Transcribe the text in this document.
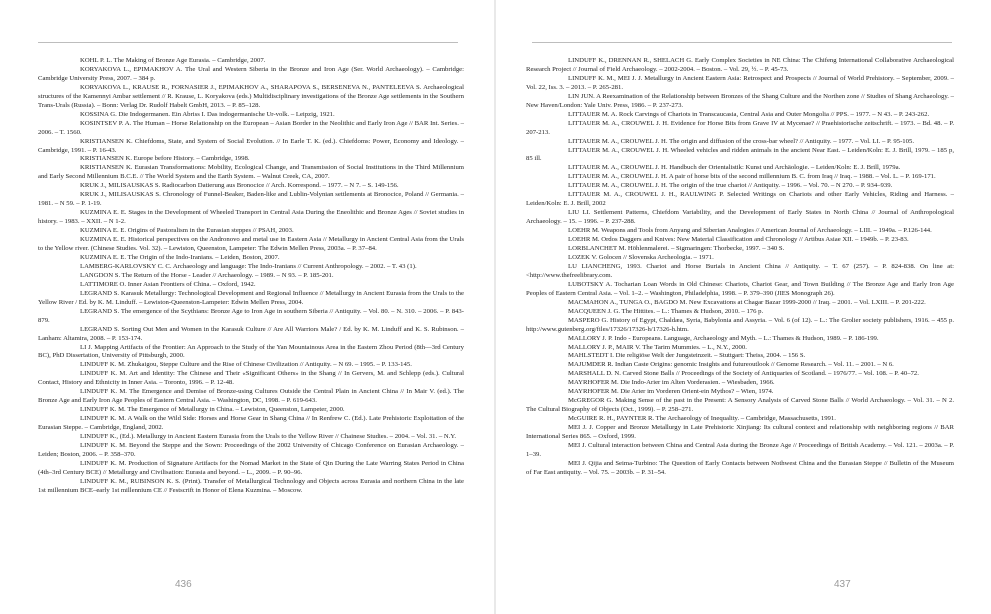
KOHL P. L. The Making of Bronze Age Eurasia. – Cambridge, 2007.

KORYAKOVA L., EPIMAKHOV A. The Ural and Western Siberia in the Bronze and Iron Age (Ser. World Archaeology). – Cambridge: Cambridge University Press, 2007. – 384 p.

KORYAKOVA L., KRAUSE R., FORNASIER J., EPIMAKHOV A., SHARAPOVA S., BERSENEVA N., PANTELEEVA S. Archaeological structures of the Kamennyi Ambar settlement // R. Krause, L. Koryakova (eds.) Multidisciplinary investigations of the Bronze Age settlements in the Southern Trans-Urals (Russia). – Bonn: Verlag Dr. Rudolf Habelt GmbH, 2013. – P. 85–128.

KOSSINA G. Die Indogermanen. Ein Abriss I. Das indogermanische Ur-volk. – Leipzig, 1921.

KOSINTSEV P. A. The Human – Horse Relationship on the European – Asian Border in the Neolithic and Early Iron Age // BAR Int. Series. – 2006. – T. 1560.

KRISTIANSEN K. Chiefdoms, State, and System of Social Evolution. // In Earle T. K. (ed.). Chiefdoms: Power, Economy and Ideology. – Cambridge, 1991. – P. 16-43.

KRISTIANSEN K. Europe before History. – Cambridge, 1998.

KRISTIANSEN K. Eurasian Transformations: Mobility, Ecological Change, and Transmission of Social Institutions in the Third Millennium and Early Second Millennium B.C.E. // The World System and the Earth System. – Walnut Creek, CA, 2007.

KRUK J., MILISAUSKAS S. Radiocarbon Datierung aus Bronocice // Arch. Korrespond. – 1977. – N 7. – S. 149-156.

KRUK J., MILISAUSKAS S. Chronology of Funnel-Beaker, Baden-like and Lublin-Volynian settlements at Bronocice, Poland // Germania. – 1981. – N 59. – P. 1-19.

KUZMINA E. E. Stages in the Development of Wheeled Transport in Central Asia During the Eneolithic and Bronze Ages // Soviet studies in history. – 1983. – XXII. – N 1-2.

KUZMINA E. E. Origins of Pastoralism in the Eurasian steppes // PSAH, 2003.

KUZMINA E. E. Historical perspectives on the Andronovo and metal use in Eastern Asia // Metallurgy in Ancient Central Asia from the Urals to the Yellow river. (Chinese Studies. Vol. 32). – Lewiston, Queenston, Lampeter: The Edwin Mellen Press, 2003a. – P. 37–84.

KUZMINA E. E. The Origin of the Indo-Iranians. – Leiden, Boston, 2007.

LAMBERG-KARLOVSKY C. C. Archaeology and language: The Indo-Iranians // Current Anthropology. – 2002. – T. 43 (1).

LANGDON S. The Return of the Horse - Leader // Archaeology. – 1989. – N 93. – P. 185-201.

LATTIMORE O. Inner Asian Frontiers of China. – Oxford, 1942.

LEGRAND S. Karasuk Metallurgy: Technological Development and Regional Influence // Metallurgy in Ancient Eurasia from the Urals to the Yellow River / Ed. by K. M. Linduff. – Lewiston-Queenston-Lampeter: Edwin Mellen Press, 2004.

LEGRAND S. The emergence of the Scythians: Bronze Age to Iron Age in southern Siberia // Antiquity. – Vol. 80. – N. 310. – 2006. – P. 843-879.

LEGRAND S. Sorting Out Men and Women in the Karasuk Culture // Are All Warriors Male? / Ed. by K. M. Linduff and K. S. Rubinson. – Lanham: Altamira, 2008. – P. 153-174.

LI J. Mapping Artifacts of the Frontier: An Approach to the Study of the Yan Mountainous Area in the Eastern Zhou Period (8th—3rd Century BC), PhD Dissertation, University of Pittsburgh, 2000.

LINDUFF K. M. Zhukaigou, Steppe Culture and the Rise of Chinese Civilization // Antiquity. – N 69. – 1995. – P. 133-145.

LINDUFF K. M. Art and Identity: The Chinese and Their «Significant Others» in the Shang // In Gervers, M. and Schlepp (eds.). Cultural Contact, History and Ethnicity in Inner Asia. – Toronto, 1996. – P. 12-48.

LINDUFF K. M. The Emergence and Demise of Bronze-using Cultures Outside the Central Plain in Ancient China // In Mair V. (ed.). The Bronze Age and Early Iron Age Peoples of Eastern Central Asia. – Washington, DC, 1998. – P. 619-643.

LINDUFF K. M. The Emergence of Metallurgy in China. – Lewiston, Queenston, Lampeter, 2000.

LINDUFF K. M. A Walk on the Wild Side: Horses and Horse Gear in Shang China // In Renfrew C. (Ed.). Late Prehistoric Exploitation of the Eurasian Steppe. – Cambridge, England, 2002.

LINDUFF K., (Ed.). Metallurgy in Ancient Eastern Eurasia from the Urals to the Yellow River // Chainese Studies. – 2004. – Vol. 31. – N.Y.

LINDUFF K. M. Beyond the Steppe and the Sown: Proceedings of the 2002 University of Chicago Conference on Eurasian Archaeology. – Leiden; Boston, 2006. – P. 358–370.

LINDUFF K. M. Production of Signature Artifacts for the Nomad Market in the State of Qin During the Late Warring States Period in China (4th–3rd Century BCE) // Metallurgy and Civilisation: Eurasia and beyond. – L., 2009. – P. 90–96.

LINDUFF K. M., RUBINSON K. S. (Print). Transfer of Metallurgical Technology and Objects across Eurasia and northern China in the late 1st millennium BCE–early 1st millennium CE // Festscrift in Honor of Elena Kuzmina. – Moscow.

436

LINDUFF K., DRENNAN R., SHELACH G. Early Complex Societies in NE China: The Chifeng International Collaborative Archaeological Research Project // Journal of Field Archaeology. – 2002-2004. – Boston. – Vol. 29, ½. – P. 45-73.

LINDUFF K. M., MEI J. J. Metallurgy in Ancient Eastern Asia: Retrospect and Prospects // Journal of World Prehistory. – September, 2009. – Vol. 22, Iss. 3. – 2013. – P. 265-281.

LIN JUN. A Reexamination of the Relationship between Bronzes of the Shang Culture and the Northen zone // Studies of Shang Archaeology. – New Haven/London: Yale Univ. Press, 1986. – P. 237-273.

LITTAUER M. A. Rock Carvings of Chariots in Transcaucasia, Central Asia and Outer Mongolia // PPS. – 1977. – N 43. – P. 243-262.

LITTAUER M. A., CROUWEL J. H. Evidence for Horse Bits from Grave IV at Mycenae? // Praehistorische zeitschrift. – 1973. – Bd. 48. – P. 207-213.

LITTAUER M. A., CROUWEL J. H. The origin and diffusion of the cross-bar wheel? // Antiquity. – 1977. – Vol. LI. – P. 95-105.

LITTAUER M. A., CROUWEL J. H. Wheeled vehicles and ridden animals in the ancient Near East. – Leiden/Koln: E. J. Brill, 1979. – 185 p, 85 ill.

LITTAUER M. A., CROUWEL J. H. Handbuch der Orientalistik: Kunst und Archäologie. – Leiden/Koln: E. J. Brill, 1979a.

LITTAUER M. A., CROUWEL J. H. A pair of horse bits of the second millennium B. C. from Iraq // Iraq. – 1988. – Vol. L. – P. 169-171.

LITTAUER M. A., CROUWEL J. H. The origin of the true chariot // Antiquity. – 1996. – Vol. 70. – N 270. – P. 934–939.

LITTAUER M. A., CROUWEL J. H., RAULWING P. Selected Writings on Chariots and other Early Vehicles, Riding and Harness. – Leiden/Koln: E. J. Brill, 2002

LIU LI. Settlement Patterns, Chiefdom Variability, and the Development of Early States in North China // Journal of Anthropological Archaeology. – 15. – 1996. – P. 237-288.

LOEHR M. Weapons and Tools from Anyang and Siberian Analogies // American Journal of Archaeology. – LIII. – 1949a. – P.126-144.

LOEHR M. Ordos Daggers and Knives: New Material Classification and Chronology // Artibus Asiae XII. – 1949b. – P. 23-83.

LORBLANCHET M. Höhlenmalerei. – Sigmaringen: Thorbecke, 1997. – 340 S.

LOZEK V. Golocen // Slovenska Archeologia. – 1971.

LU LIANCHENG, 1993. Chariot and Horse Burials in Ancient China // Antiquity. – T. 67 (257). – P. 824-838. On line at: <http://www.thefreelibrary.com.

LUBOTSKY A. Tocharian Loan Words in Old Chinese: Chariots, Chariot Gear, and Town Building // The Bronze Age and Early Iron Age Peoples of Eastern Central Asia. – Vol. 1–2. – Washington, Philadelphia, 1998. – P. 379–390 (JIES Monograph 26).

MACMAHON A., TUNGA O., BAGDO M. New Excavations at Chagar Bazar 1999-2000 // Iraq. – 2001. – Vol. LXIII. – P. 201-222.

MACQUEEN J. G. The Hittites. – L.: Thames & Hudson, 2010. – 176 p.

MASPERO G. History of Egypt, Chaldæa, Syria, Babylonia and Assyria. – Vol. 6 (of 12). – L.: The Grolier society publishers, 1916. – 455 p. http://www.gutenberg.org/files/17326/17326-h/17326-h.htm.

MALLORY J. P. Indo - Europeans. Language, Archaeology and Myth. – L.: Thames & Hudson, 1989. – P. 186-199.

MALLORY J. P., MAIR V. The Tarim Mummies. – L., N.Y., 2000.

MAHLSTEDT I. Die religiöse Welt der Jungsteinzeit. – Stuttgart: Theiss, 2004. – 156 S.

MAJUMDER R. Indian Caste Origins: genomic Insights and futureoutlook // Genome Research. – Vol. 11. – 2001. – N 6.

MARSHALL D. N. Carved Stone Balls // Proceedings of the Society of Antiquaries of Scotland. – 1976/77. – Vol. 108. – P. 40–72.

MAYRHOFER M. Die Indo-Arier im Alten Vorderasien. – Wiesbaden, 1966.

MAYRHOFER M. Die Arier im Vorderen Orient-ein Mythos? – Wien, 1974.

McGREGOR G. Making Sense of the past in the Present: A Sensory Analysis of Carved Stone Balls // World Archaeology. – Vol. 31. – N 2. The Cultural Biography of Objects (Oct., 1999). – P. 258–271.

McGUIRE R. H., PAYNTER R. The Archaeology of Inequality. – Cambridge, Massachusetts, 1991.

MEI J. J. Copper and Bronze Metallurgy in Late Prehistoric Xinjiang: Its cultural context and relationship with neighboring regions // BAR International Series 865. – Oxford, 1999.

MEI J. Cultural interaction between China and Central Asia during the Bronze Age // Proceedings of British Academy. – Vol. 121. – 2003a. – P. 1–39.

MEI J. Qijia and Seima-Turbino: The Question of Early Contacts between Nothwest China and the Eurasian Steppe // Bulletin of the Museum of Far East antiquity. – Vol. 75. – 2003b. – P. 31–54.

437
